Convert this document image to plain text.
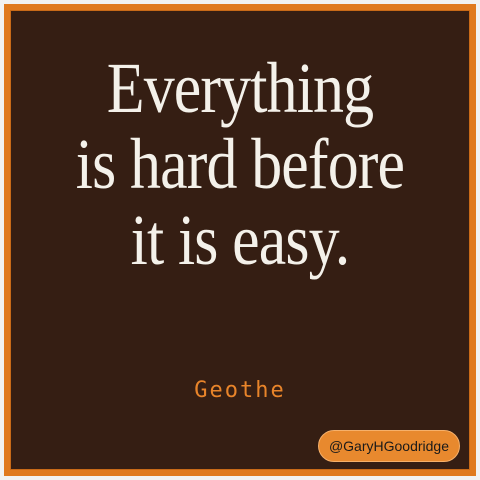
Everything
is hard before
it is easy.
Geothe
@GaryHGoodridge
